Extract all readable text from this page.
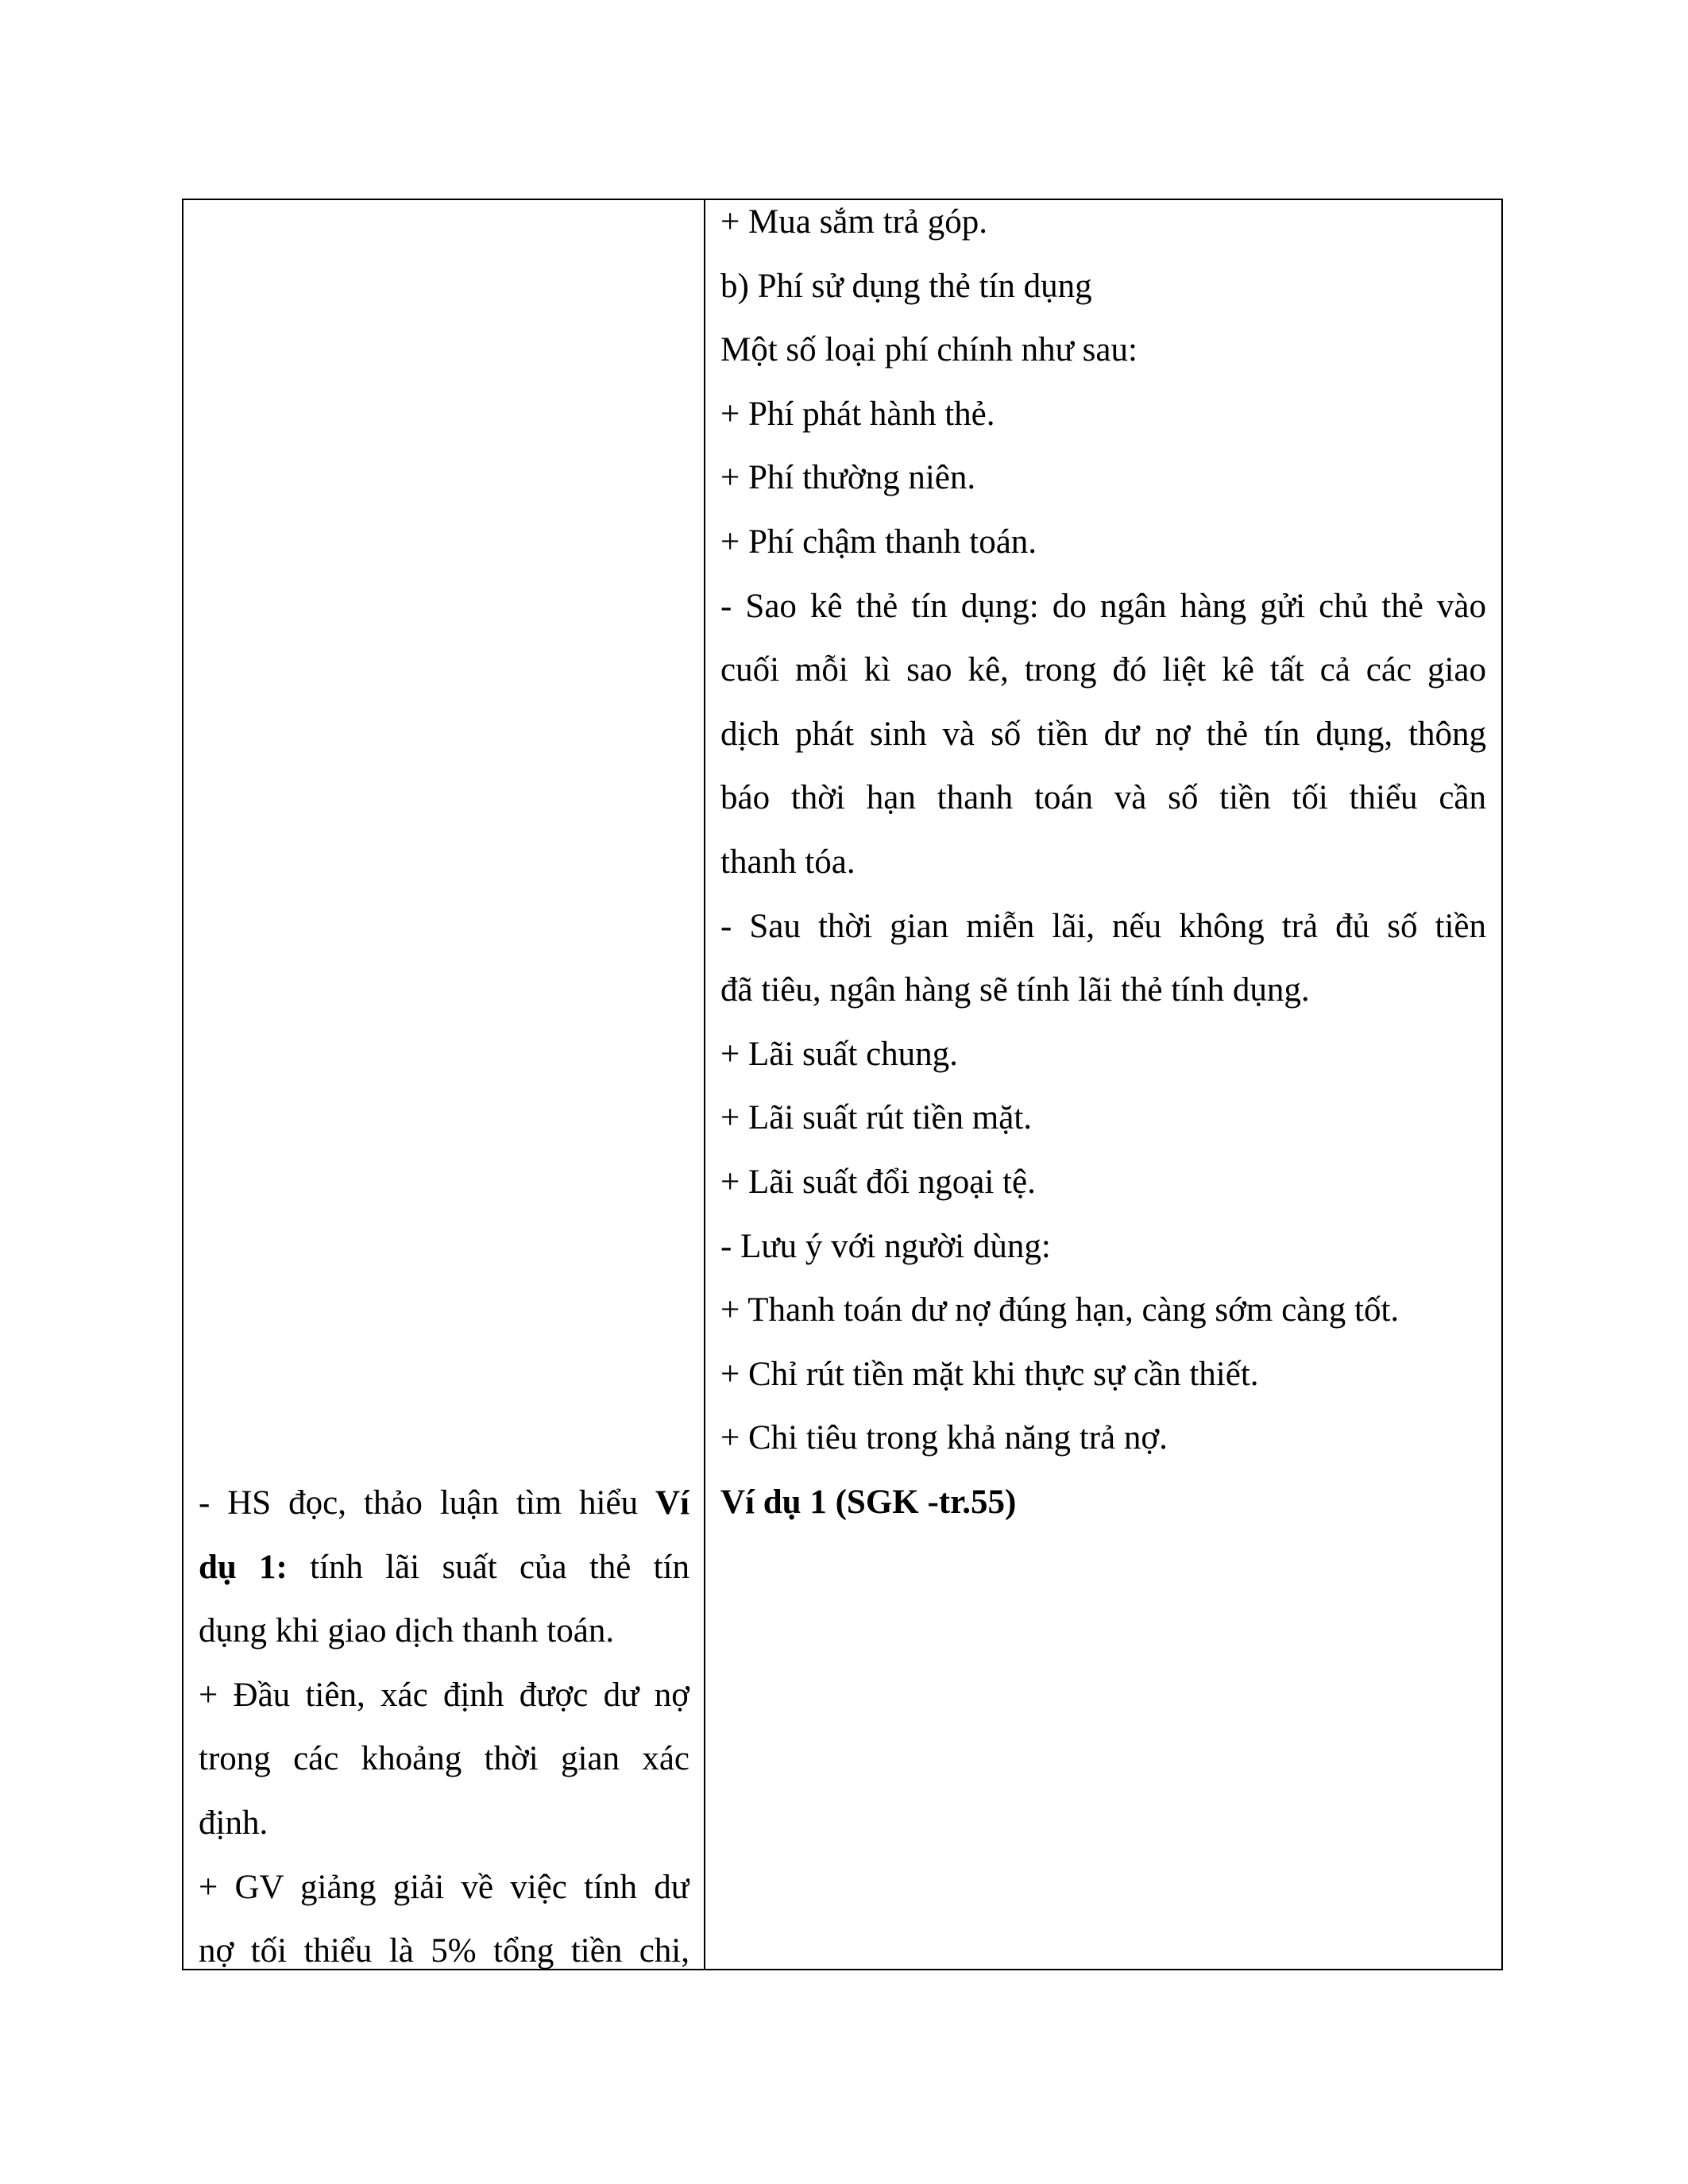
+ Mua sắm trả góp.
b) Phí sử dụng thẻ tín dụng
Một số loại phí chính như sau:
+ Phí phát hành thẻ.
+ Phí thường niên.
+ Phí chậm thanh toán.
- Sao kê thẻ tín dụng: do ngân hàng gửi chủ thẻ vào
cuối mỗi kì sao kê, trong đó liệt kê tất cả các giao
dịch phát sinh và số tiền dư nợ thẻ tín dụng, thông
báo thời hạn thanh toán và số tiền tối thiểu cần
thanh tóa.
- Sau thời gian miễn lãi, nếu không trả đủ số tiền
đã tiêu, ngân hàng sẽ tính lãi thẻ tính dụng.
+ Lãi suất chung.
+ Lãi suất rút tiền mặt.
+ Lãi suất đổi ngoại tệ.
- Lưu ý với người dùng:
+ Thanh toán dư nợ đúng hạn, càng sớm càng tốt.
+ Chỉ rút tiền mặt khi thực sự cần thiết.
+ Chi tiêu trong khả năng trả nợ.
Ví dụ 1 (SGK -tr.55)
- HS đọc, thảo luận tìm hiểu Ví
dụ 1: tính lãi suất của thẻ tín
dụng khi giao dịch thanh toán.
+ Đầu tiên, xác định được dư nợ
trong các khoảng thời gian xác
định.
+ GV giảng giải về việc tính dư
nợ tối thiểu là 5% tổng tiền chi,
